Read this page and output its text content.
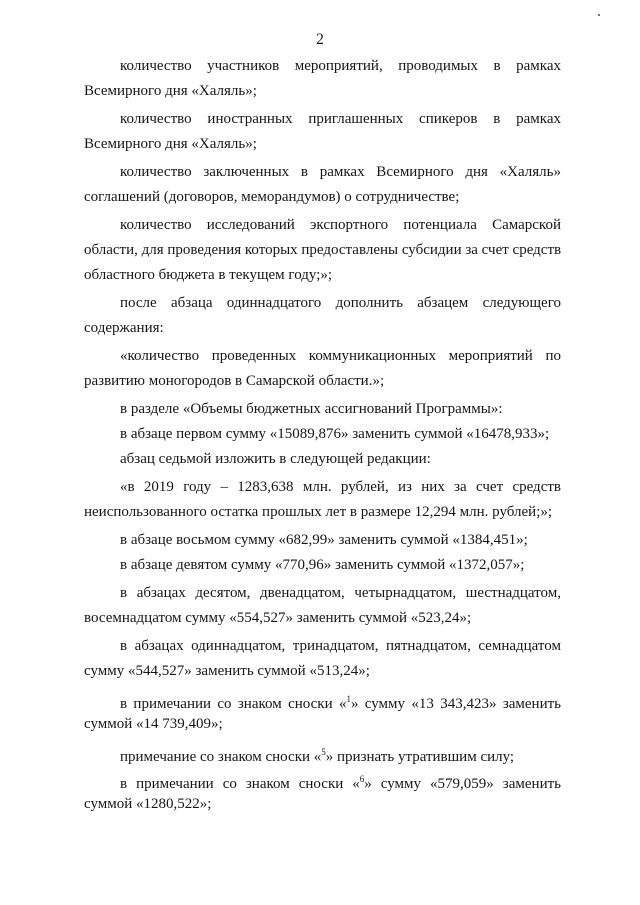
2
количество участников мероприятий, проводимых в рамках
Всемирного дня «Халяль»;
количество иностранных приглашенных спикеров в рамках
Всемирного дня «Халяль»;
количество заключенных в рамках Всемирного дня «Халяль»
соглашений (договоров, меморандумов) о сотрудничестве;
количество исследований экспортного потенциала Самарской
области, для проведения которых предоставлены субсидии за счет средств
областного бюджета в текущем году;»;
после абзаца одиннадцатого дополнить абзацем следующего
содержания:
«количество проведенных коммуникационных мероприятий по
развитию моногородов в Самарской области.»;
в разделе «Объемы бюджетных ассигнований Программы»:
в абзаце первом сумму «15089,876» заменить суммой «16478,933»;
абзац седьмой изложить в следующей редакции:
«в 2019 году – 1283,638 млн. рублей, из них за счет средств
неиспользованного остатка прошлых лет в размере 12,294 млн. рублей;»;
в абзаце восьмом сумму «682,99» заменить суммой «1384,451»;
в абзаце девятом сумму «770,96» заменить суммой «1372,057»;
в абзацах десятом, двенадцатом, четырнадцатом, шестнадцатом,
восемнадцатом сумму «554,527» заменить суммой «523,24»;
в абзацах одиннадцатом, тринадцатом, пятнадцатом, семнадцатом
сумму «544,527» заменить суммой «513,24»;
в примечании со знаком сноски «$^1$» сумму «13 343,423» заменить
суммой «14 739,409»;
примечание со знаком сноски «$^5$» признать утратившим силу;
в примечании со знаком сноски «$^6$» сумму «579,059» заменить
суммой «1280,522»;
